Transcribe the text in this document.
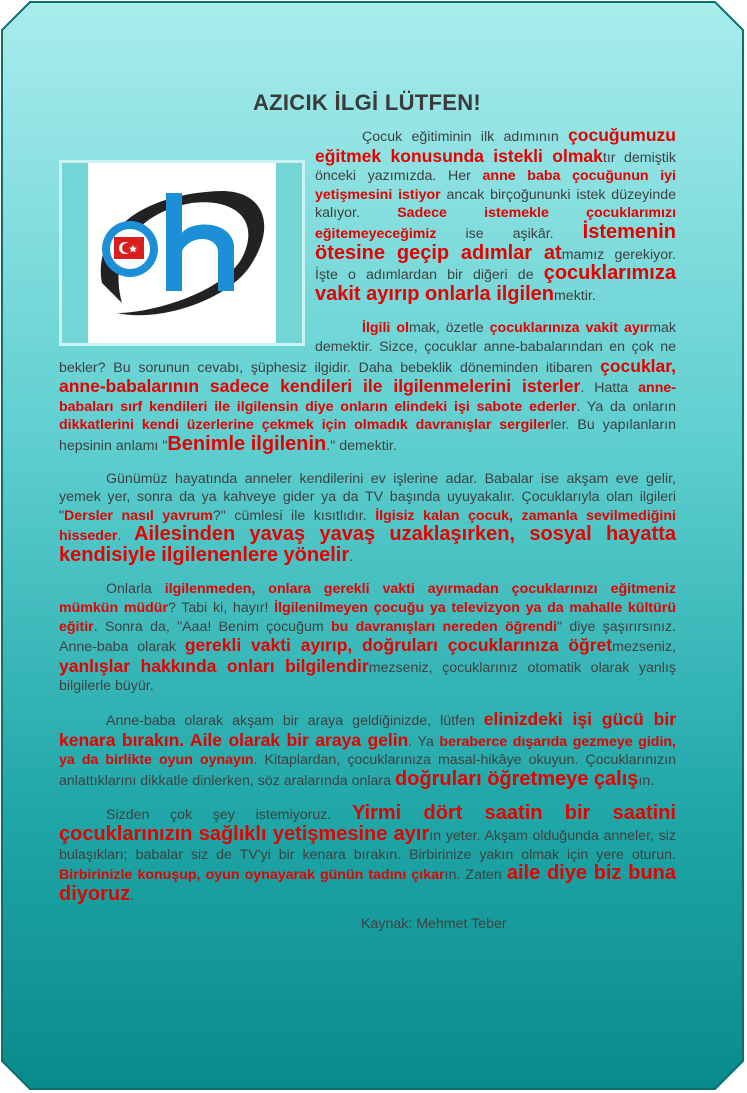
AZICIK İLGİ LÜTFEN!

Çocuk eğitiminin ilk adımının çocuğumuzu eğitmek konusunda istekli olmaktır demiştik önceki yazımızda. Her anne baba çocuğunun iyi yetişmesini istiyor ancak birçoğununki istek düzeyinde kalıyor. Sadece istemekle çocuklarımızı eğitemeyeceğimiz ise aşikâr. İstemenin ötesine geçip adımlar atmamız gerekiyor. İşte o adımlardan bir diğeri de çocuklarımıza vakit ayırıp onlarla ilgilenmektir.

İlgili olmak, özetle çocuklarınıza vakit ayırmak demektir. Sizce, çocuklar anne-babalarından en çok ne bekler? Bu sorunun cevabı, şüphesiz ilgidir. Daha bebeklik döneminden itibaren çocuklar, anne-babalarının sadece kendileri ile ilgilenmelerini isterler. Hatta anne-babaları sırf kendileri ile ilgilensin diye onların elindeki işi sabote ederler. Ya da onların dikkatlerini kendi üzerlerine çekmek için olmadık davranışlar sergilerler. Bu yapılanların hepsinin anlamı "Benimle ilgilenin." demektir.

Günümüz hayatında anneler kendilerini ev işlerine adar. Babalar ise akşam eve gelir, yemek yer, sonra da ya kahveye gider ya da TV başında uyuyakalır. Çocuklarıyla olan ilgileri "Dersler nasıl yavrum?" cümlesi ile kısıtlıdır. İlgisiz kalan çocuk, zamanla sevilmediğini hisseder. Ailesinden yavaş yavaş uzaklaşırken, sosyal hayatta kendisiyle ilgilenenlere yönelir.

Onlarla ilgilenmeden, onlara gerekli vakti ayırmadan çocuklarınızı eğitmeniz mümkün müdür? Tabi ki, hayır! İlgilenilmeyen çocuğu ya televizyon ya da mahalle kültürü eğitir. Sonra da, "Aaa! Benim çocuğum bu davranışları nereden öğrendi" diye şaşırırsınız. Anne-baba olarak gerekli vakti ayırıp, doğruları çocuklarınıza öğretmezseniz, yanlışlar hakkında onları bilgilendirmezseniz, çocuklarınız otomatik olarak yanlış bilgilerle büyür.

Anne-baba olarak akşam bir araya geldiğinizde, lütfen elinizdeki işi gücü bir kenara bırakın. Aile olarak bir araya gelin. Ya beraberce dışarıda gezmeye gidin, ya da birlikte oyun oynayın. Kitaplardan, çocuklarınıza masal-hikâye okuyun. Çocuklarınızın anlattıklarını dikkatle dinlerken, söz aralarında onlara doğruları öğretmeye çalışın.

Sizden çok şey istemiyoruz. Yirmi dört saatin bir saatini çocuklarınızın sağlıklı yetişmesine ayırın yeter. Akşam olduğunda anneler, siz bulaşıkları; babalar siz de TV'yi bir kenara bırakın. Birbirinize yakın olmak için yere oturun. Birbirinizle konuşup, oyun oynayarak günün tadını çıkarın. Zaten aile diye biz buna diyoruz.

Kaynak: Mehmet Teber
